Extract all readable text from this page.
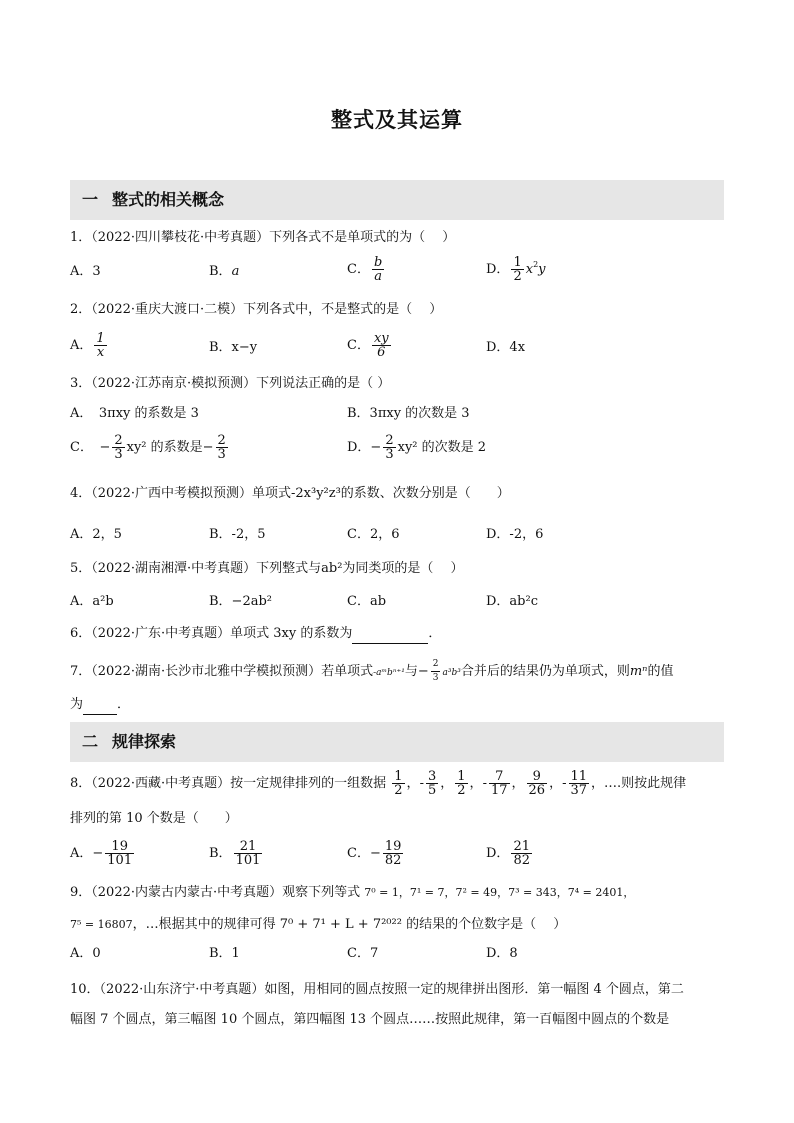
整式及其运算
一 整式的相关概念
1．（2022·四川攀枝花·中考真题）下列各式不是单项式的为（　 ）
A．3	B．a	C． $\frac{b}{a}$	D． $\frac{1}{2} x^2y$
2．（2022·重庆大渡口·二模）下列各式中，不是整式的是（　 ）
A． $\frac{1}{x}$	B．x−y	C． $\frac{xy}{6}$	D．4x
3．（2022·江苏南京·模拟预测）下列说法正确的是（ ）
A．　3πxy 的系数是 3	B．3πxy 的次数是 3
C．　− $\frac{2}{3} xy^2$ 的系数是− $\frac{2}{3}$	D．− $\frac{2}{3} xy^2$ 的次数是 2
4．（2022·广西中考模拟预测）单项式-2x³y²z³的系数、次数分别是（　　）
A．2，5	B．-2，5	C．2，6	D．-2，6
5．（2022·湖南湘潭·中考真题）下列整式与ab²为同类项的是（　 ）
A．a²b	B．−2ab²	C．ab	D．ab²c
6．（2022·广东·中考真题）单项式 3xy 的系数为	．
7．（2022·湖南·长沙市北雅中学模拟预测）若单项式-aᵐbⁿ⁺¹与− $\frac{2}{3} a^3b^3$合并后的结果仍为单项式，则mⁿ的值
为	．
二 规律探索
8．（2022·西藏·中考真题）按一定规律排列的一组数据 $\frac{1}{2}$ ，- $\frac{3}{5}$ ， $\frac{1}{2}$ ，- $\frac{7}{17}$ ， $\frac{9}{26}$ ，- $\frac{11}{37}$ ，….则按此规律
排列的第 10 个数是（　　）
A．− $\frac{19}{101}$	B． $\frac{21}{101}$	C．− $\frac{19}{82}$	D． $\frac{21}{82}$
9．（2022·内蒙古内蒙古·中考真题）观察下列等式 7⁰ = 1，7¹ = 7，7² = 49，7³ = 343，7⁴ = 2401，
7⁵ = 16807，…根据其中的规律可得 7⁰ + 7¹ + L + 7²⁰²² 的结果的个位数字是（　 ）
A．0	B．1	C．7	D．8
10．（2022·山东济宁·中考真题）如图，用相同的圆点按照一定的规律拼出图形．第一幅图 4 个圆点，第二
幅图 7 个圆点，第三幅图 10 个圆点，第四幅图 13 个圆点……按照此规律，第一百幅图中圆点的个数是
